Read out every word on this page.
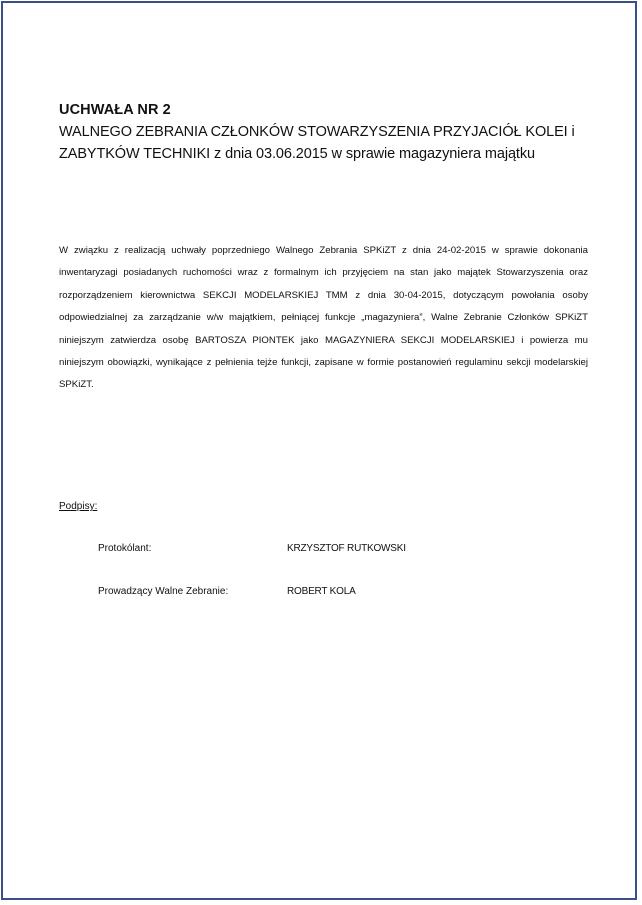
UCHWAŁA NR 2
WALNEGO ZEBRANIA CZŁONKÓW STOWARZYSZENIA PRZYJACIÓŁ KOLEI i
ZABYTKÓW TECHNIKI z dnia 03.06.2015 w sprawie magazyniera majątku

W związku z realizacją uchwały poprzedniego Walnego Zebrania SPKiZT z dnia 24-02-2015 w sprawie dokonania inwentaryzagi posiadanych ruchomości wraz z formalnym ich przyjęciem na stan jako majątek Stowarzyszenia oraz rozporządzeniem kierownictwa SEKCJI MODELARSKIEJ TMM z dnia 30-04-2015, dotyczącym powołania osoby odpowiedzialnej za zarządzanie w/w majątkiem, pełniącej funkcje „magazyniera”, Walne Zebranie Członków SPKiZT niniejszym zatwierdza osobę BARTOSZA PIONTEK jako MAGAZYNIERA SEKCJI MODELARSKIEJ i powierza mu niniejszym obowiązki, wynikające z pełnienia tejże funkcji, zapisane w formie postanowień regulaminu sekcji modelarskiej SPKiZT.

Podpisy:

Protokólant:	KRZYSZTOF RUTKOWSKI
Prowadzący Walne Zebranie:	ROBERT KOLA
